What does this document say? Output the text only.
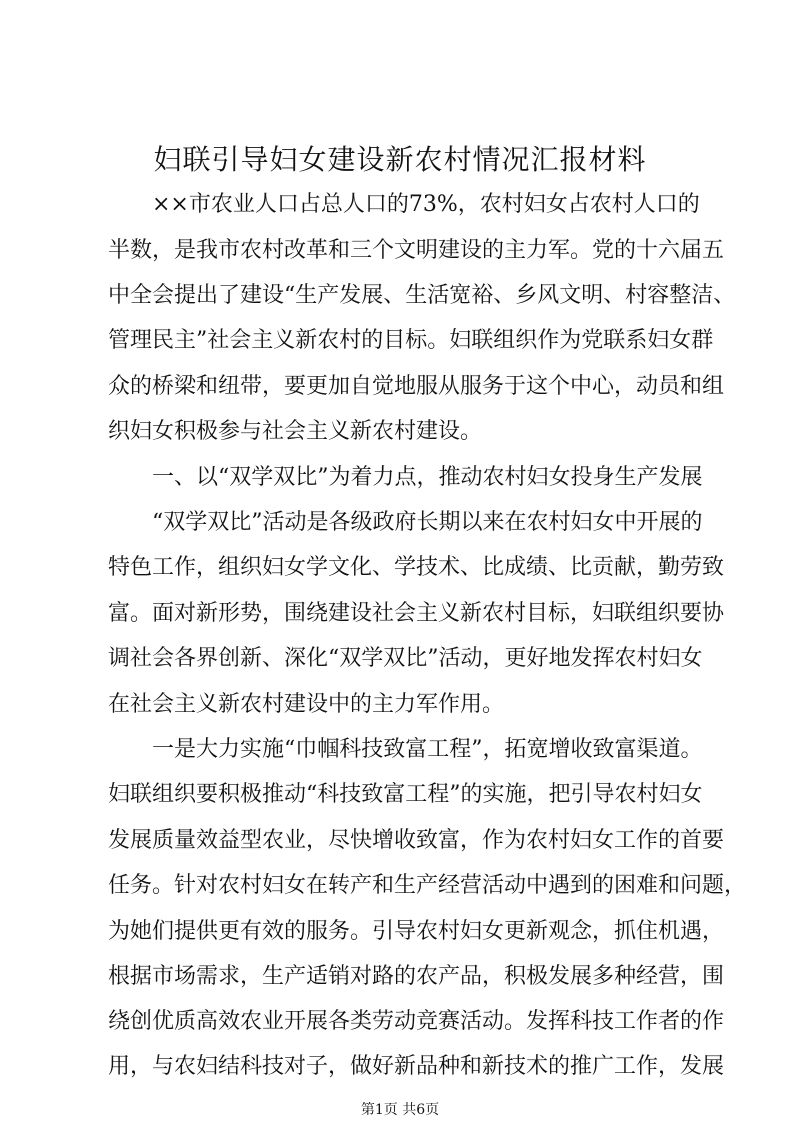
妇联引导妇女建设新农村情况汇报材料

××市农业人口占总人口的73%，农村妇女占农村人口的

半数，是我市农村改革和三个文明建设的主力军。党的十六届五

中全会提出了建设“生产发展、生活宽裕、乡风文明、村容整洁、

管理民主”社会主义新农村的目标。妇联组织作为党联系妇女群

众的桥梁和纽带，要更加自觉地服从服务于这个中心，动员和组

织妇女积极参与社会主义新农村建设。

一、以“双学双比”为着力点，推动农村妇女投身生产发展

“双学双比”活动是各级政府长期以来在农村妇女中开展的

特色工作，组织妇女学文化、学技术、比成绩、比贡献，勤劳致

富。面对新形势，围绕建设社会主义新农村目标，妇联组织要协

调社会各界创新、深化“双学双比”活动，更好地发挥农村妇女

在社会主义新农村建设中的主力军作用。

一是大力实施“巾帼科技致富工程”，拓宽增收致富渠道。

妇联组织要积极推动“科技致富工程”的实施，把引导农村妇女

发展质量效益型农业，尽快增收致富，作为农村妇女工作的首要

任务。针对农村妇女在转产和生产经营活动中遇到的困难和问题，

为她们提供更有效的服务。引导农村妇女更新观念，抓住机遇，

根据市场需求，生产适销对路的农产品，积极发展多种经营，围

绕创优质高效农业开展各类劳动竞赛活动。发挥科技工作者的作

用，与农妇结科技对子，做好新品种和新技术的推广工作，发展

第1页 共6页
